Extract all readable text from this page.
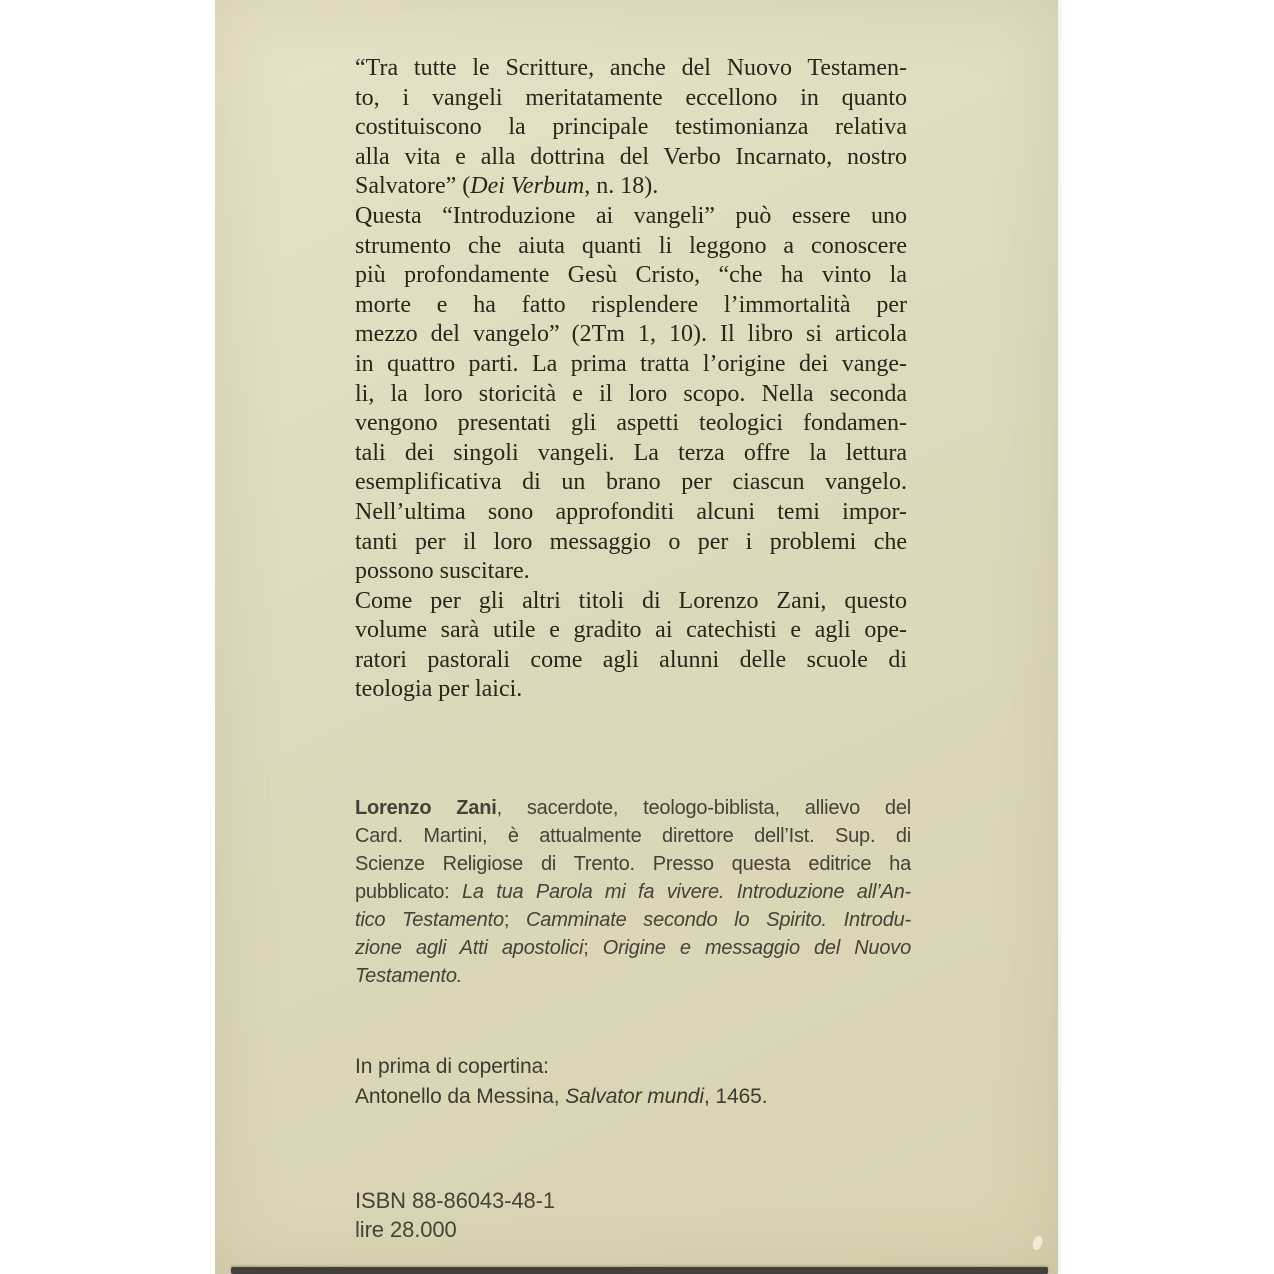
“Tra tutte le Scritture, anche del Nuovo Testamen-
to, i vangeli meritatamente eccellono in quanto
costituiscono la principale testimonianza relativa
alla vita e alla dottrina del Verbo Incarnato, nostro
Salvatore” (Dei Verbum, n. 18).
Questa “Introduzione ai vangeli” può essere uno
strumento che aiuta quanti li leggono a conoscere
più profondamente Gesù Cristo, “che ha vinto la
morte e ha fatto risplendere l’immortalità per
mezzo del vangelo” (2Tm 1, 10). Il libro si articola
in quattro parti. La prima tratta l’origine dei vange-
li, la loro storicità e il loro scopo. Nella seconda
vengono presentati gli aspetti teologici fondamen-
tali dei singoli vangeli. La terza offre la lettura
esemplificativa di un brano per ciascun vangelo.
Nell’ultima sono approfonditi alcuni temi impor-
tanti per il loro messaggio o per i problemi che
possono suscitare.
Come per gli altri titoli di Lorenzo Zani, questo
volume sarà utile e gradito ai catechisti e agli ope-
ratori pastorali come agli alunni delle scuole di
teologia per laici.
Lorenzo Zani, sacerdote, teologo-biblista, allievo del
Card. Martini, è attualmente direttore dell’Ist. Sup. di
Scienze Religiose di Trento. Presso questa editrice ha
pubblicato: La tua Parola mi fa vivere. Introduzione all’An-
tico Testamento; Camminate secondo lo Spirito. Introdu-
zione agli Atti apostolici; Origine e messaggio del Nuovo
Testamento.
In prima di copertina:
Antonello da Messina, Salvator mundi, 1465.
ISBN 88-86043-48-1
lire 28.000
